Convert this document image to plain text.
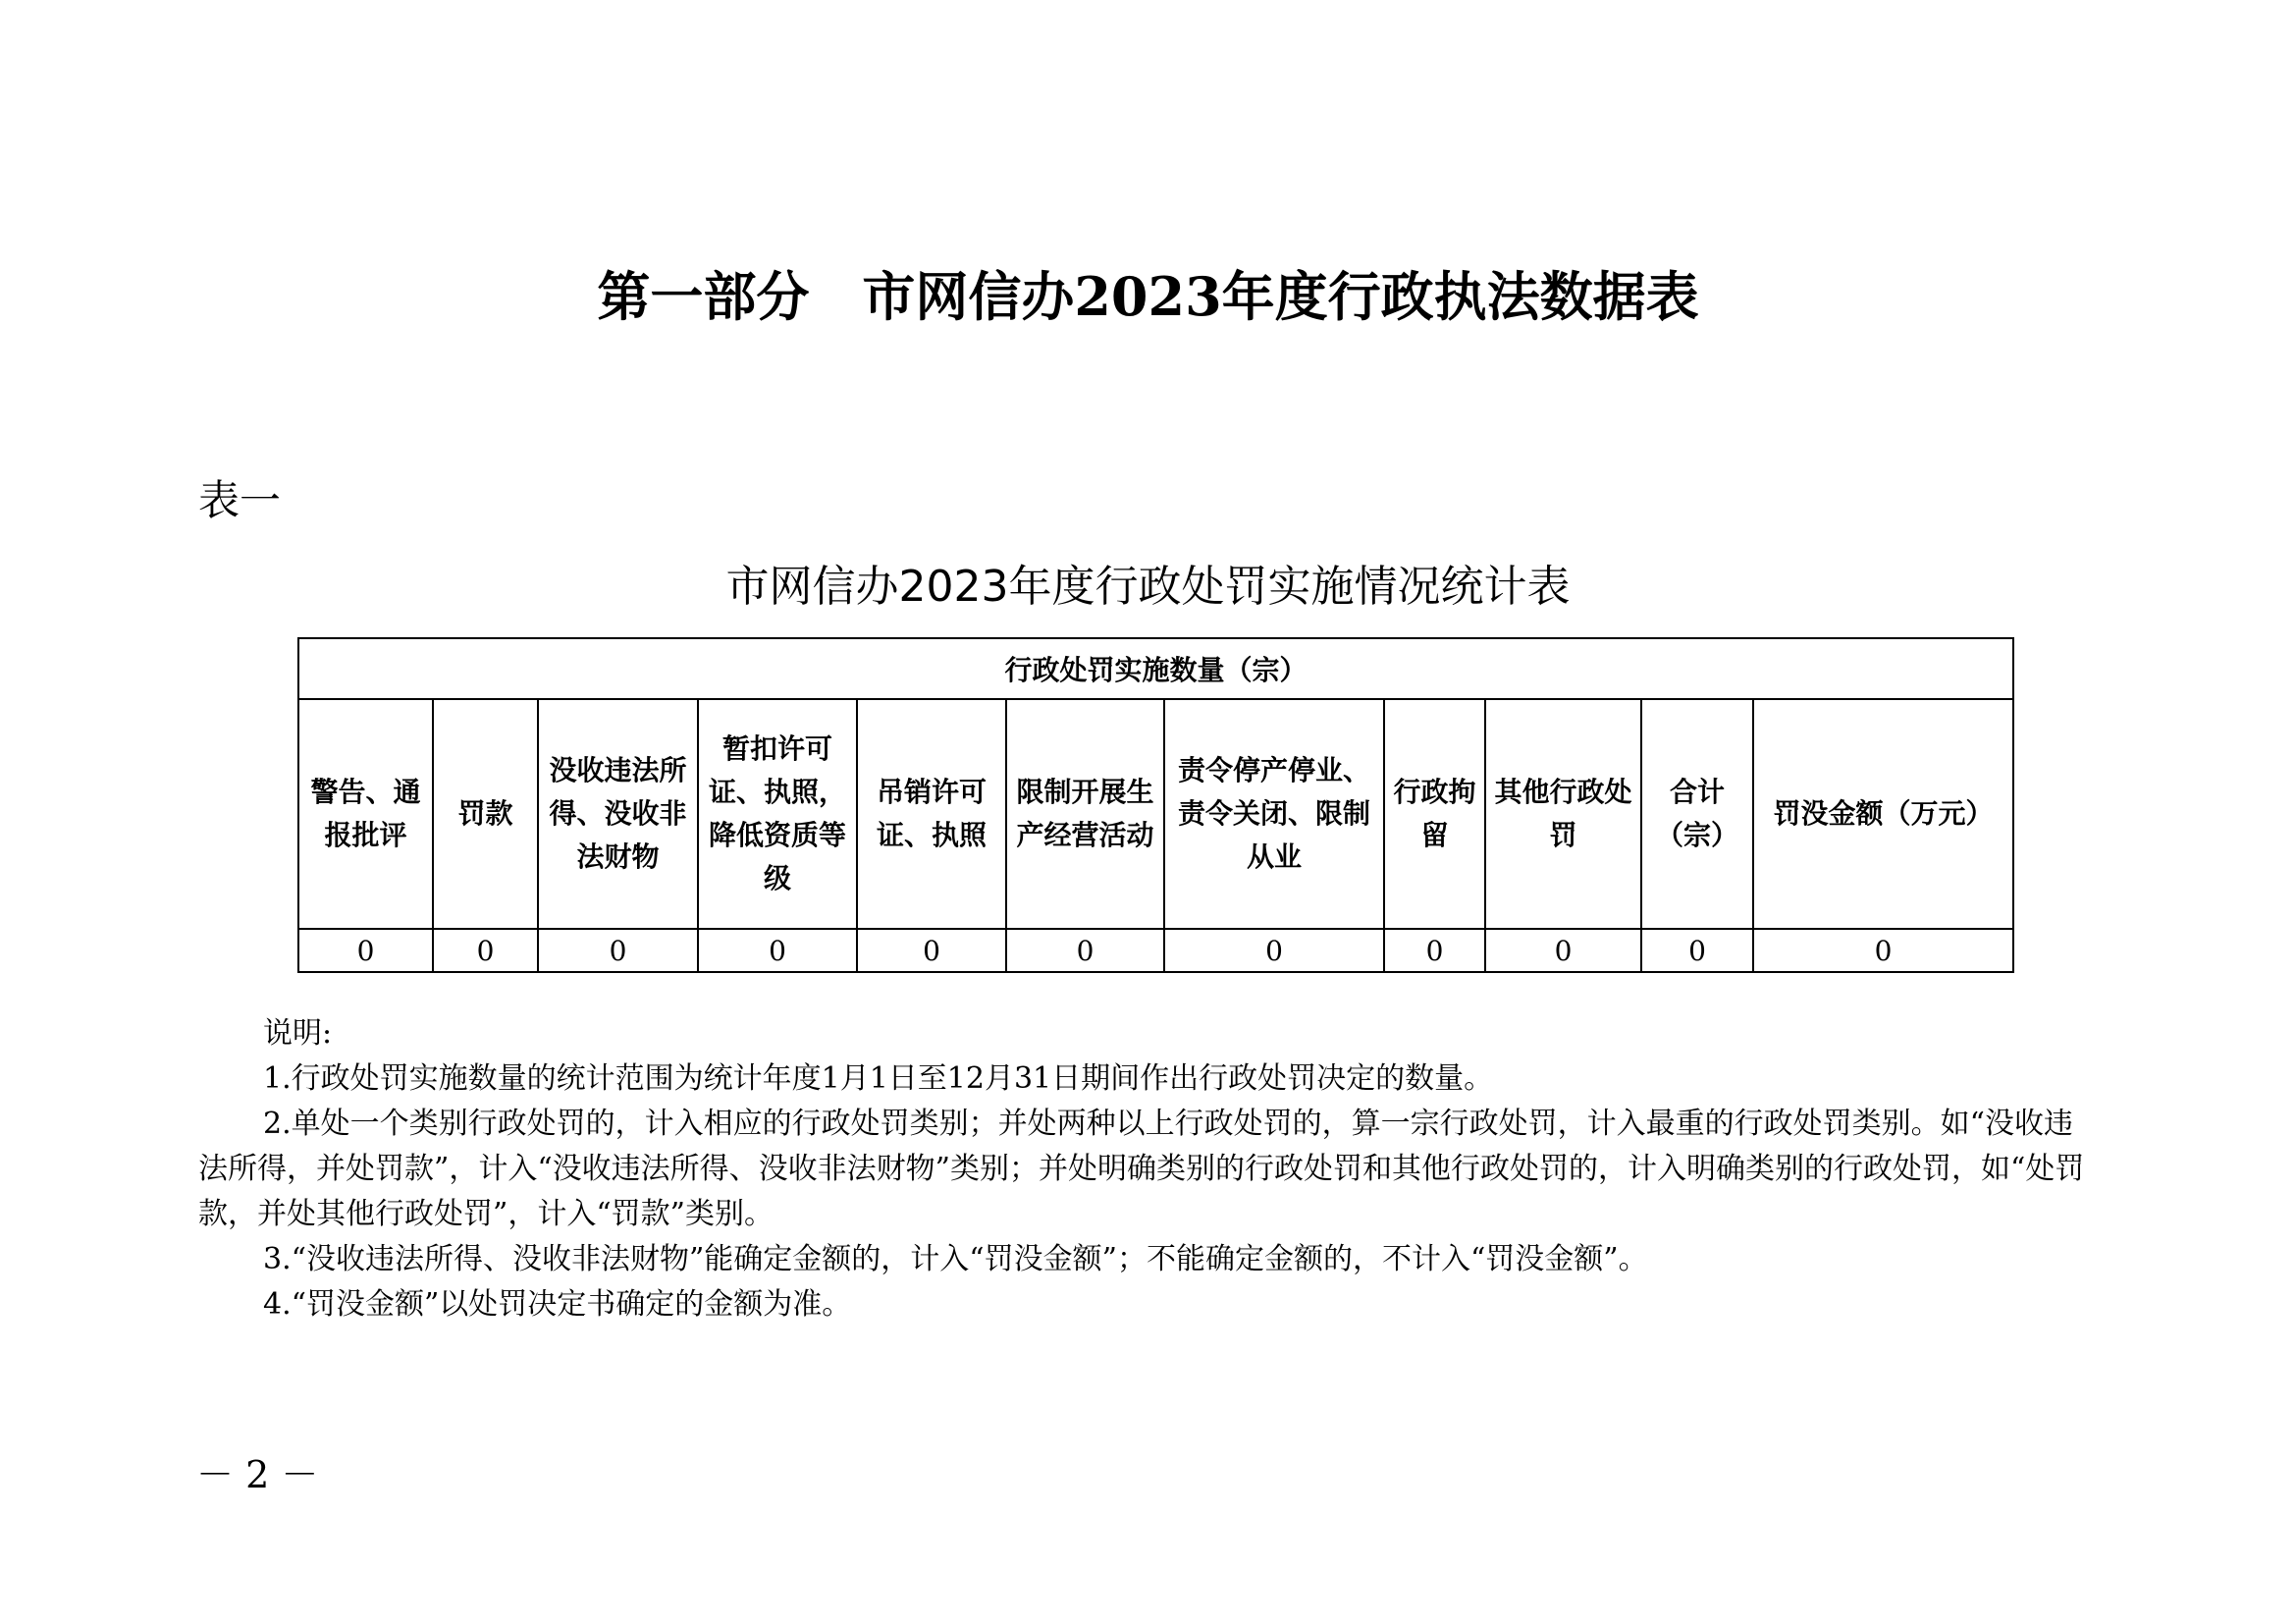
第一部分　市网信办2023年度行政执法数据表
表一
市网信办2023年度行政处罚实施情况统计表
行政处罚实施数量（宗）										
警告、通报批评	罚款	没收违法所得、没收非法财物	暂扣许可证、执照，降低资质等级	吊销许可证、执照	限制开展生产经营活动	责令停产停业、责令关闭、限制从业	行政拘留	其他行政处罚	合计（宗）	罚没金额（万元）
0	0	0	0	0	0	0	0	0	0	0

说明:

1.行政处罚实施数量的统计范围为统计年度1月1日至12月31日期间作出行政处罚决定的数量。

2.单处一个类别行政处罚的，计入相应的行政处罚类别；并处两种以上行政处罚的，算一宗行政处罚，计入最重的行政处罚类别。如“没收违法所得，并处罚款”，计入“没收违法所得、没收非法财物”类别；并处明确类别的行政处罚和其他行政处罚的，计入明确类别的行政处罚，如“处罚款，并处其他行政处罚”，计入“罚款”类别。

3.“没收违法所得、没收非法财物”能确定金额的，计入“罚没金额”；不能确定金额的，不计入“罚没金额”。

4.“罚没金额”以处罚决定书确定的金额为准。

－ 2 －
